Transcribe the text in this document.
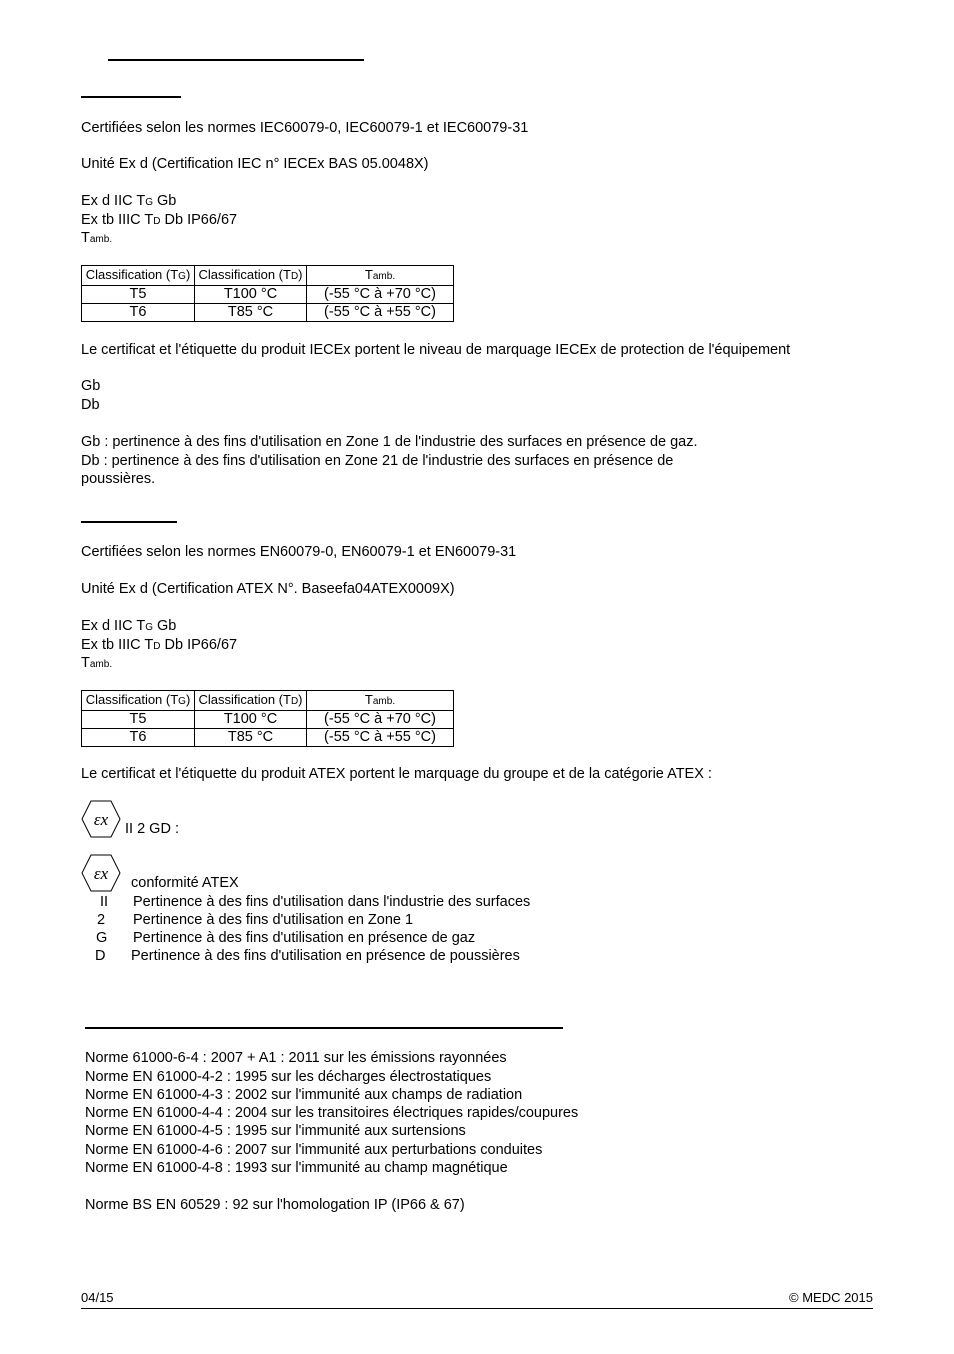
Certifiées selon les normes IEC60079-0, IEC60079-1 et IEC60079-31
Unité Ex d (Certification IEC n° IECEx BAS 05.0048X)
Ex d IIC TG Gb
Ex tb IIIC TD Db IP66/67
Tamb.
Classification (TG)	Classification (TD)	Tamb.
T5	T100 °C	(-55 °C à +70 °C)
T6	T85 °C	(-55 °C à +55 °C)
Le certificat et l'étiquette du produit IECEx portent le niveau de marquage IECEx de protection de l'équipement
Gb
Db
Gb : pertinence à des fins d'utilisation en Zone 1 de l'industrie des surfaces en présence de gaz.
Db : pertinence à des fins d'utilisation en Zone 21 de l'industrie des surfaces en présence de
poussières.
Certifiées selon les normes EN60079-0, EN60079-1 et EN60079-31
Unité Ex d (Certification ATEX N°. Baseefa04ATEX0009X)
Ex d IIC TG Gb
Ex tb IIIC TD Db IP66/67
Tamb.
Classification (TG)	Classification (TD)	Tamb.
T5	T100 °C	(-55 °C à +70 °C)
T6	T85 °C	(-55 °C à +55 °C)
Le certificat et l'étiquette du produit ATEX portent le marquage du groupe et de la catégorie ATEX :
εx II 2 GD :
εx conformité ATEX
II Pertinence à des fins d'utilisation dans l'industrie des surfaces
2 Pertinence à des fins d'utilisation en Zone 1
G Pertinence à des fins d'utilisation en présence de gaz
D Pertinence à des fins d'utilisation en présence de poussières
Norme 61000-6-4 : 2007 + A1 : 2011 sur les émissions rayonnées
Norme EN 61000-4-2 : 1995 sur les décharges électrostatiques
Norme EN 61000-4-3 : 2002 sur l'immunité aux champs de radiation
Norme EN 61000-4-4 : 2004 sur les transitoires électriques rapides/coupures
Norme EN 61000-4-5 : 1995 sur l'immunité aux surtensions
Norme EN 61000-4-6 : 2007 sur l'immunité aux perturbations conduites
Norme EN 61000-4-8 : 1993 sur l'immunité au champ magnétique
Norme BS EN 60529 : 92 sur l'homologation IP (IP66 & 67)
04/15	© MEDC 2015
